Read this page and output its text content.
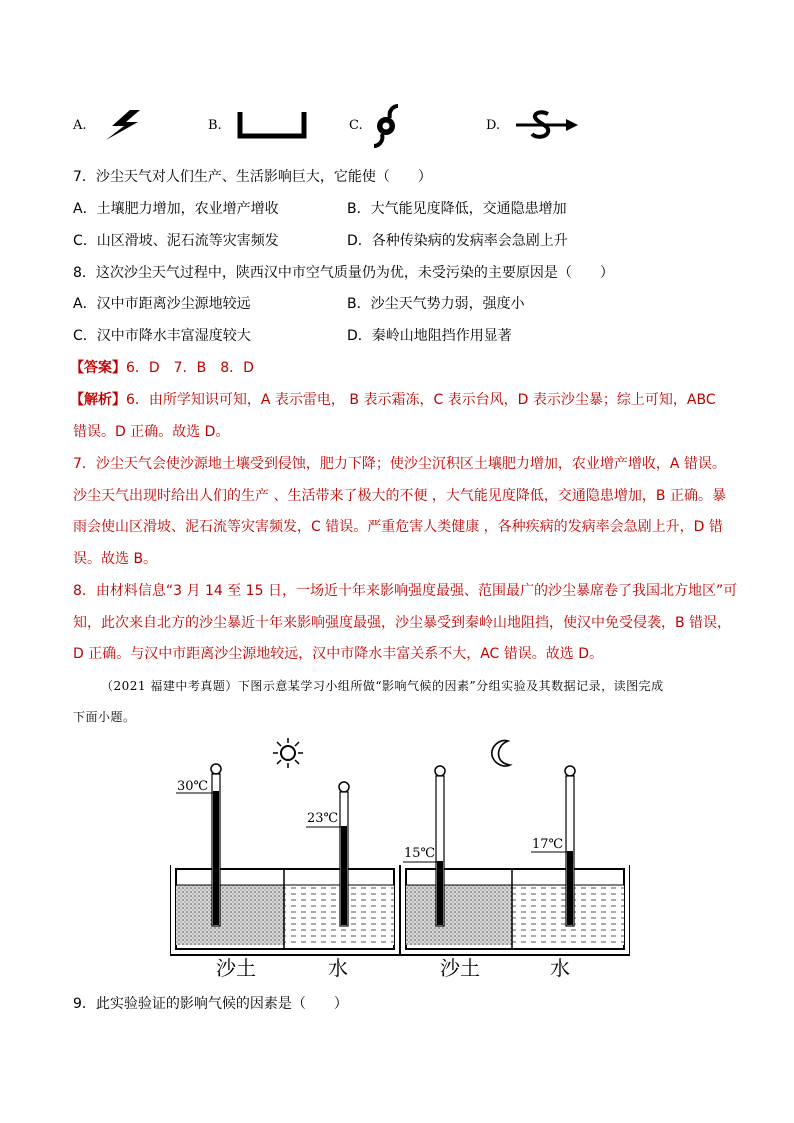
A.	B.	C.	D.
7．沙尘天气对人们生产、生活影响巨大，它能使（　　）
A．土壤肥力增加，农业增产增收	B．大气能见度降低，交通隐患增加
C．山区滑坡、泥石流等灾害频发	D．各种传染病的发病率会急剧上升
8．这次沙尘天气过程中，陕西汉中市空气质量仍为优，未受污染的主要原因是（　　）
A．汉中市距离沙尘源地较远	B．沙尘天气势力弱，强度小
C．汉中市降水丰富湿度较大	D．秦岭山地阻挡作用显著
【答案】6．D　7．B　8．D
【解析】6．由所学知识可知，A 表示雷电， B 表示霜冻，C 表示台风，D 表示沙尘暴；综上可知，ABC
错误。D 正确。故选 D。
7．沙尘天气会使沙源地土壤受到侵蚀，肥力下降；使沙尘沉积区土壤肥力增加，农业增产增收，A 错误。
沙尘天气出现时给出人们的生产 、生活带来了极大的不便 ，大气能见度降低，交通隐患增加，B 正确。暴
雨会使山区滑坡、泥石流等灾害频发，C 错误。严重危害人类健康 ，各种疾病的发病率会急剧上升，D 错
误。故选 B。
8．由材料信息“3 月 14 至 15 日，一场近十年来影响强度最强、范围最广的沙尘暴席卷了我国北方地区”可
知，此次来自北方的沙尘暴近十年来影响强度最强，沙尘暴受到秦岭山地阻挡，使汉中免受侵袭，B 错误，
D 正确。与汉中市距离沙尘源地较远，汉中市降水丰富关系不大，AC 错误。故选 D。
（2021 福建中考真题）下图示意某学习小组所做“影响气候的因素”分组实验及其数据记录，读图完成
下面小题。
30℃
23℃
15℃
17℃
沙土	水	沙土	水
9．此实验验证的影响气候的因素是（　　）
